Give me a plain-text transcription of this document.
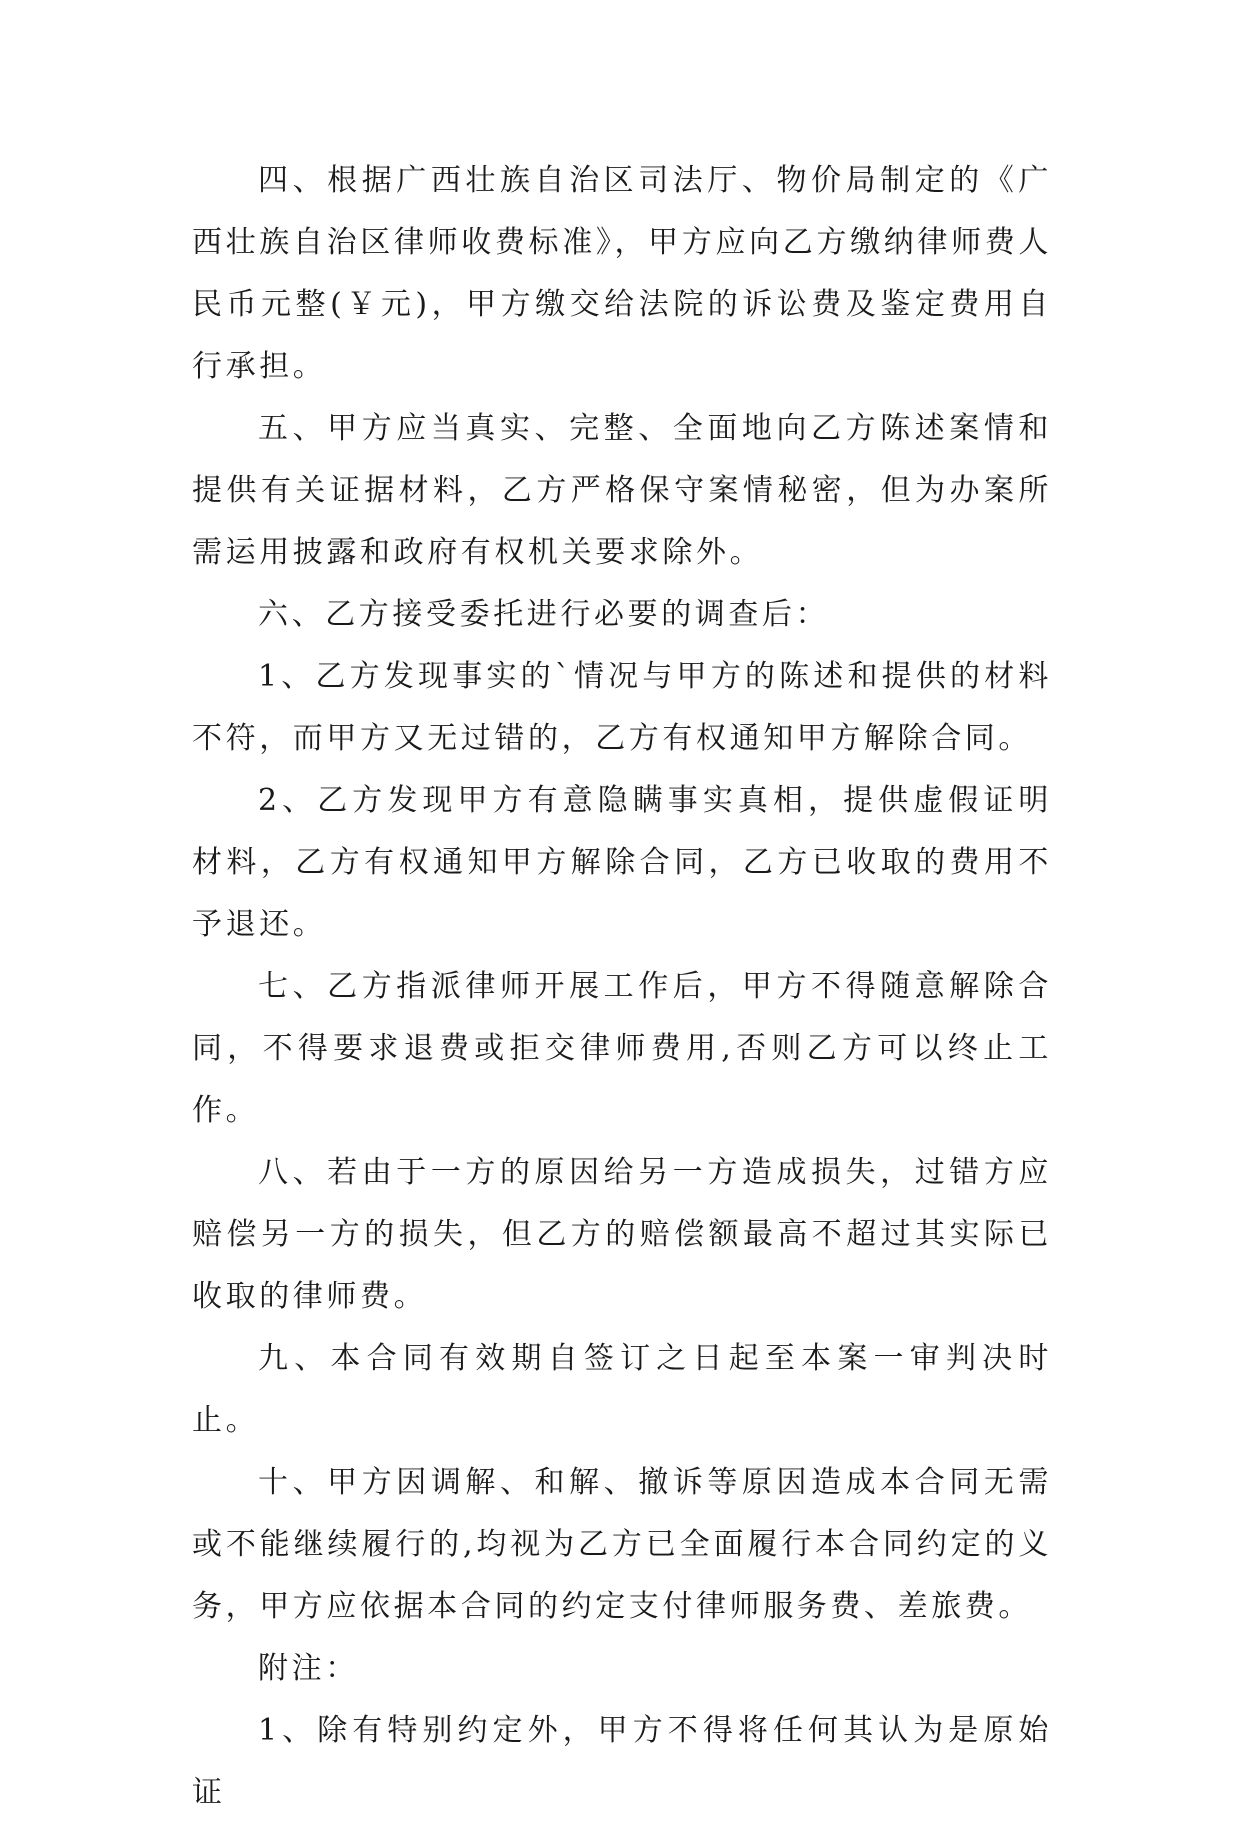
四、根据广西壮族自治区司法厅、物价局制定的《广西壮族自治区律师收费标准》，甲方应向乙方缴纳律师费人民币元整(￥元)，甲方缴交给法院的诉讼费及鉴定费用自行承担。

五、甲方应当真实、完整、全面地向乙方陈述案情和提供有关证据材料，乙方严格保守案情秘密，但为办案所需运用披露和政府有权机关要求除外。

六、乙方接受委托进行必要的调查后：

1、乙方发现事实的`情况与甲方的陈述和提供的材料不符，而甲方又无过错的，乙方有权通知甲方解除合同。

2、乙方发现甲方有意隐瞒事实真相，提供虚假证明材料，乙方有权通知甲方解除合同，乙方已收取的费用不予退还。

七、乙方指派律师开展工作后，甲方不得随意解除合同，不得要求退费或拒交律师费用,否则乙方可以终止工作。

八、若由于一方的原因给另一方造成损失，过错方应赔偿另一方的损失，但乙方的赔偿额最高不超过其实际已收取的律师费。

九、本合同有效期自签订之日起至本案一审判决时止。

十、甲方因调解、和解、撤诉等原因造成本合同无需或不能继续履行的,均视为乙方已全面履行本合同约定的义务，甲方应依据本合同的约定支付律师服务费、差旅费。

附注：

1、除有特别约定外，甲方不得将任何其认为是原始证
